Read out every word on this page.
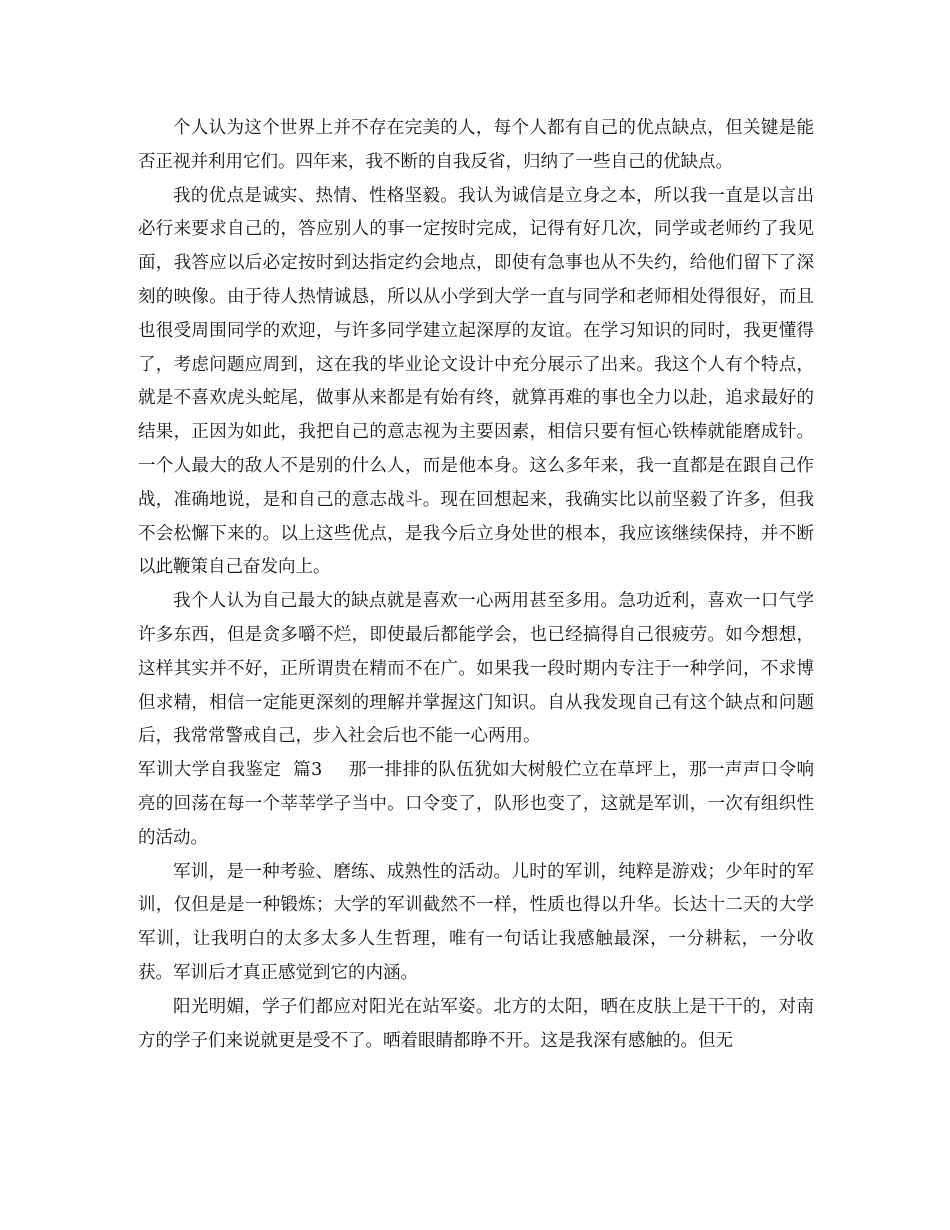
个人认为这个世界上并不存在完美的人，每个人都有自己的优点缺点，但关键是能否正视并利用它们。四年来，我不断的自我反省，归纳了一些自己的优缺点。

我的优点是诚实、热情、性格坚毅。我认为诚信是立身之本，所以我一直是以言出必行来要求自己的，答应别人的事一定按时完成，记得有好几次，同学或老师约了我见面，我答应以后必定按时到达指定约会地点，即使有急事也从不失约，给他们留下了深刻的映像。由于待人热情诚恳，所以从小学到大学一直与同学和老师相处得很好，而且也很受周围同学的欢迎，与许多同学建立起深厚的友谊。在学习知识的同时，我更懂得了，考虑问题应周到，这在我的毕业论文设计中充分展示了出来。我这个人有个特点，就是不喜欢虎头蛇尾，做事从来都是有始有终，就算再难的事也全力以赴，追求最好的结果，正因为如此，我把自己的意志视为主要因素，相信只要有恒心铁棒就能磨成针。一个人最大的敌人不是别的什么人，而是他本身。这么多年来，我一直都是在跟自己作战，准确地说，是和自己的意志战斗。现在回想起来，我确实比以前坚毅了许多，但我不会松懈下来的。以上这些优点，是我今后立身处世的根本，我应该继续保持，并不断以此鞭策自己奋发向上。

我个人认为自己最大的缺点就是喜欢一心两用甚至多用。急功近利，喜欢一口气学许多东西，但是贪多嚼不烂，即使最后都能学会，也已经搞得自己很疲劳。如今想想，这样其实并不好，正所谓贵在精而不在广。如果我一段时期内专注于一种学问，不求博但求精，相信一定能更深刻的理解并掌握这门知识。自从我发现自己有这个缺点和问题后，我常常警戒自己，步入社会后也不能一心两用。

军训大学自我鉴定  篇3   那一排排的队伍犹如大树般伫立在草坪上，那一声声口令响亮的回荡在每一个莘莘学子当中。口令变了，队形也变了，这就是军训，一次有组织性的活动。

军训，是一种考验、磨练、成熟性的活动。儿时的军训，纯粹是游戏；少年时的军训，仅但是是一种锻炼；大学的军训截然不一样，性质也得以升华。长达十二天的大学军训，让我明白的太多太多人生哲理，唯有一句话让我感触最深，一分耕耘，一分收获。军训后才真正感觉到它的内涵。

阳光明媚，学子们都应对阳光在站军姿。北方的太阳，晒在皮肤上是干干的，对南方的学子们来说就更是受不了。晒着眼睛都睁不开。这是我深有感触的。但无
